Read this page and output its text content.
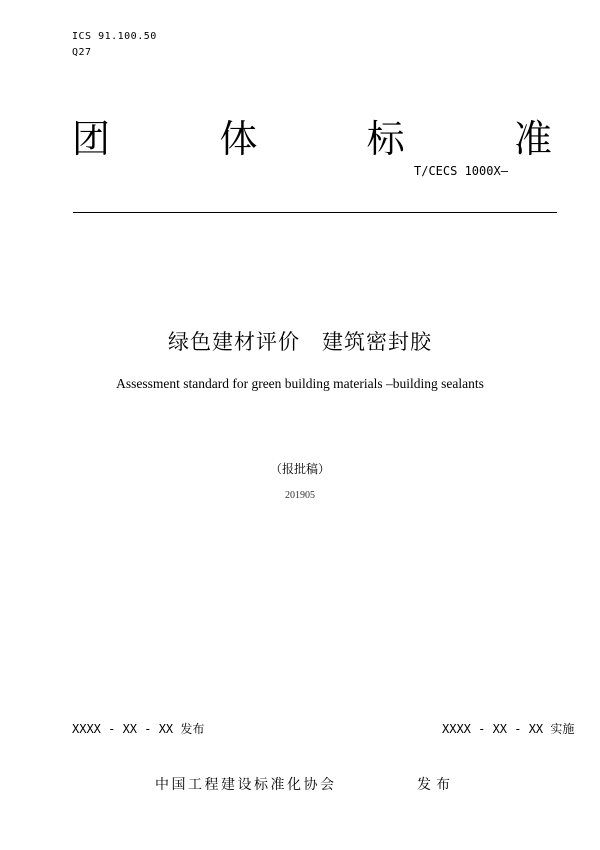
ICS 91.100.50
Q27
团	体	标	准
T/CECS 1000X—
绿色建材评价　建筑密封胶
Assessment standard for green building materials –building sealants
（报批稿）
201905
XXXX - XX - XX 发布	XXXX - XX - XX 实施
中国工程建设标准化协会	发布
